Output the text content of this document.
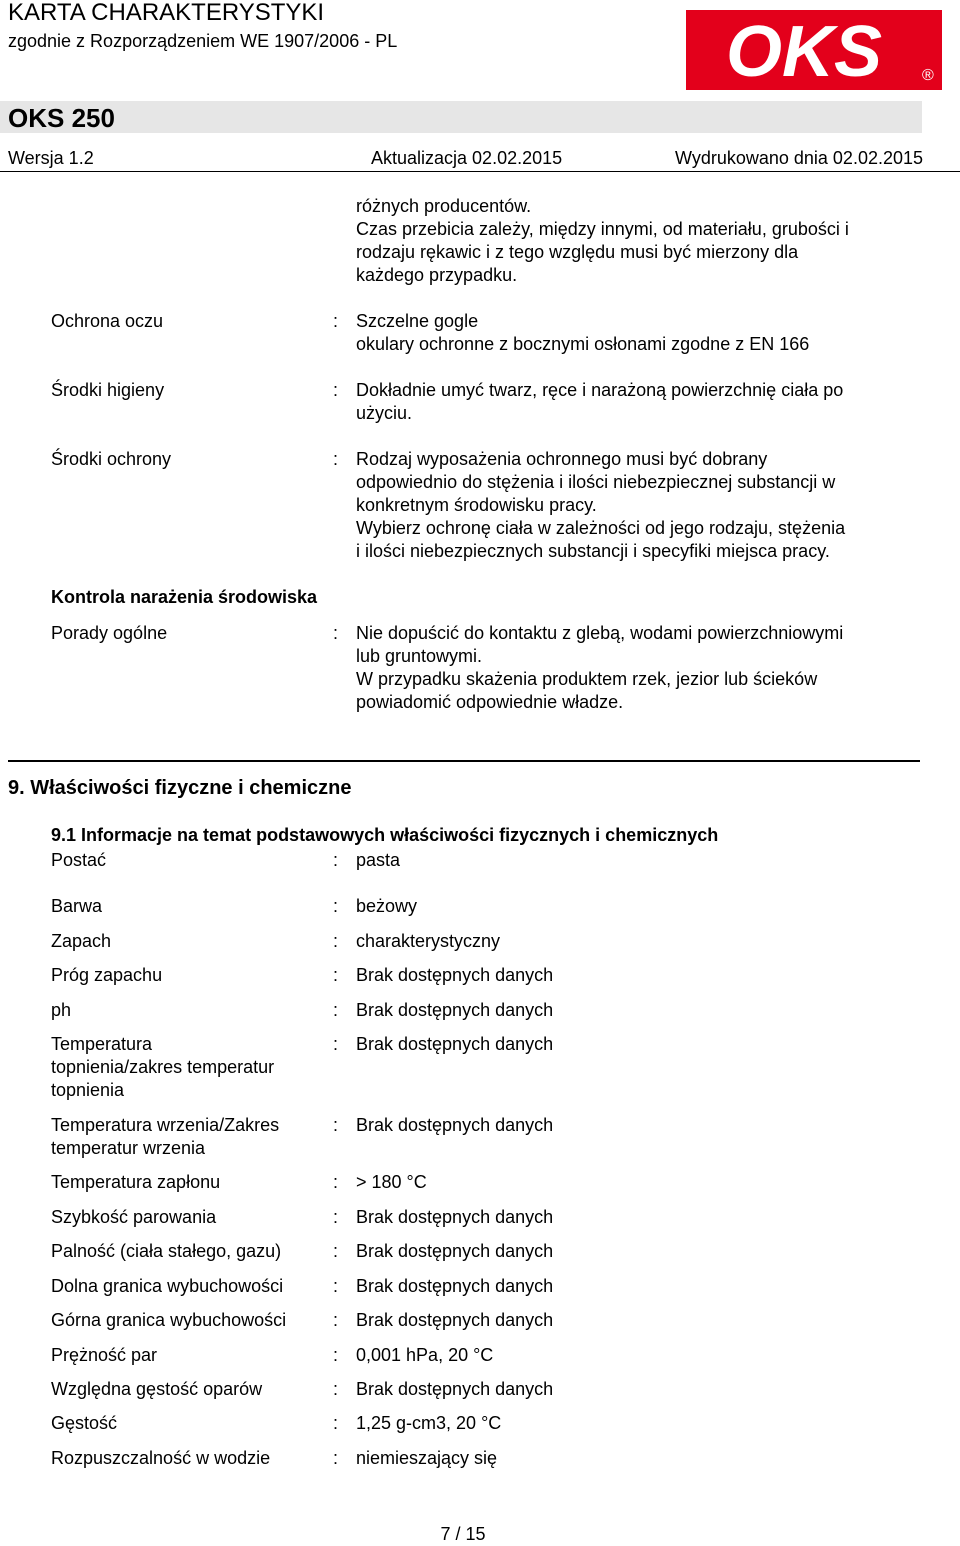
KARTA CHARAKTERYSTYKI
zgodnie z Rozporządzeniem WE 1907/2006 - PL	OKS ®
OKS 250
Wersja 1.2	Aktualizacja 02.02.2015	Wydrukowano dnia 02.02.2015
różnych producentów.
Czas przebicia zależy, między innymi, od materiału, grubości i
rodzaju rękawic i z tego względu musi być mierzony dla
każdego przypadku.
Ochrona oczu	: Szczelne gogle
okulary ochronne z bocznymi osłonami zgodne z EN 166
Środki higieny	: Dokładnie umyć twarz, ręce i narażoną powierzchnię ciała po
użyciu.
Środki ochrony	: Rodzaj wyposażenia ochronnego musi być dobrany
odpowiednio do stężenia i ilości niebezpiecznej substancji w
konkretnym środowisku pracy.
Wybierz ochronę ciała w zależności od jego rodzaju, stężenia
i ilości niebezpiecznych substancji i specyfiki miejsca pracy.
Kontrola narażenia środowiska
Porady ogólne	: Nie dopuścić do kontaktu z glebą, wodami powierzchniowymi
lub gruntowymi.
W przypadku skażenia produktem rzek, jezior lub ścieków
powiadomić odpowiednie władze.
9. Właściwości fizyczne i chemiczne
9.1 Informacje na temat podstawowych właściwości fizycznych i chemicznych
Postać	: pasta
Barwa	: beżowy
Zapach	: charakterystyczny
Próg zapachu	: Brak dostępnych danych
ph	: Brak dostępnych danych
Temperatura
topnienia/zakres temperatur
topnienia
: Brak dostępnych danych
Temperatura wrzenia/Zakres
temperatur wrzenia
: Brak dostępnych danych
Temperatura zapłonu	: > 180 °C
Szybkość parowania	: Brak dostępnych danych
Palność (ciała stałego, gazu)	: Brak dostępnych danych
Dolna granica wybuchowości	: Brak dostępnych danych
Górna granica wybuchowości	: Brak dostępnych danych
Prężność par	: 0,001 hPa, 20 °C
Względna gęstość oparów	: Brak dostępnych danych
Gęstość	: 1,25 g-cm3, 20 °C
Rozpuszczalność w wodzie	: niemieszający się
7 / 15
